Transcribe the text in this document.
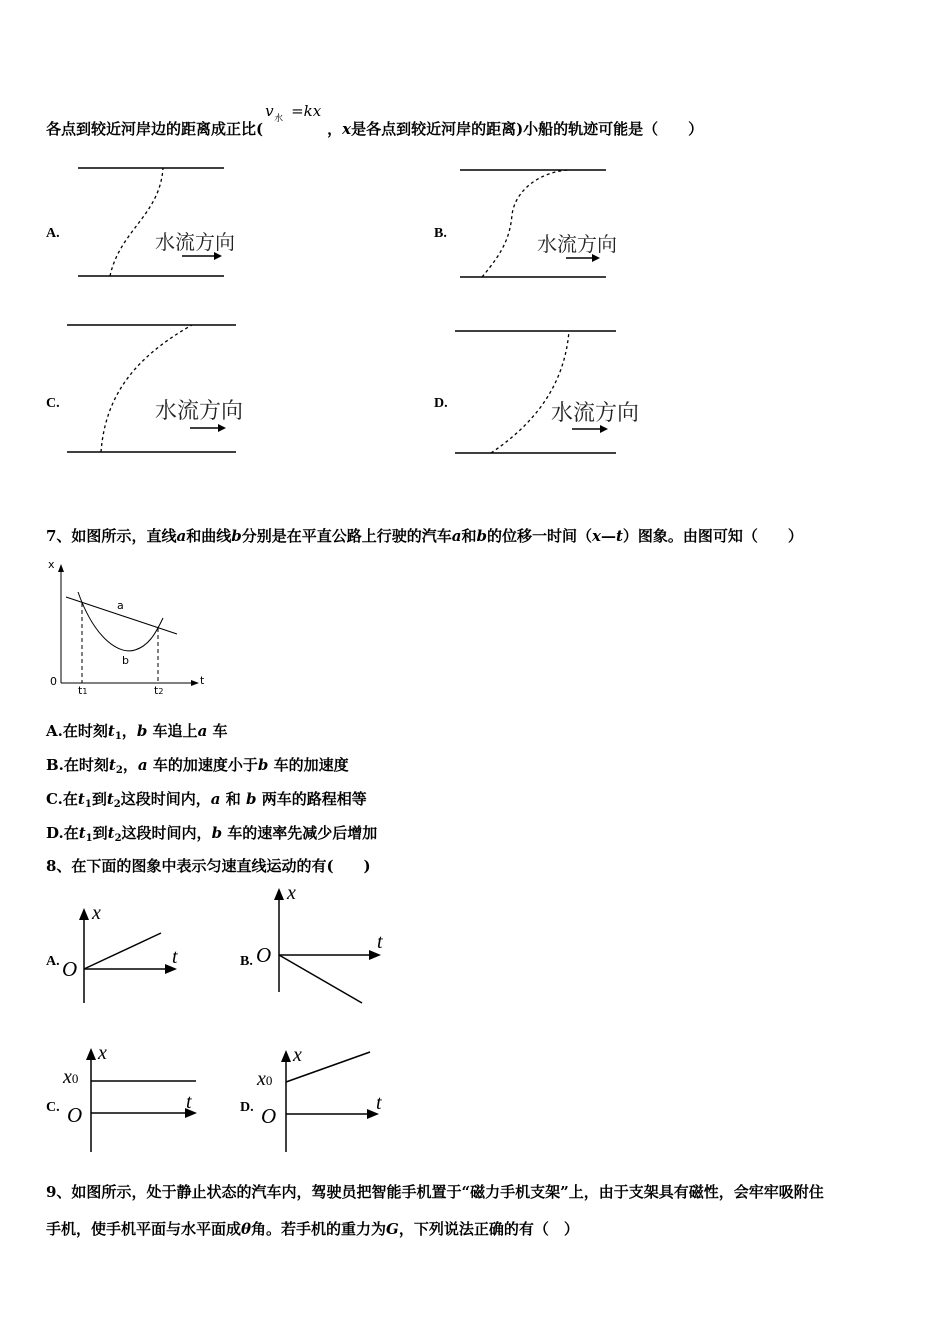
各点到较近河岸边的距离成正比(
v 水 =kx
，x是各点到较近河岸的距离)小船的轨迹可能是（　　）
A.	水流方向	B.	水流方向
C.	水流方向	D.	水流方向
7、如图所示，直线a和曲线b分别是在平直公路上行驶的汽车a和b的位移一时间（x—t）图象。由图可知（　　）
x
t
0
a
b
t1	t2
A.在时刻$t_1$，b 车追上a 车
B.在时刻$t_2$，a 车的加速度小于b 车的加速度
C.在$t_1$到$t_2$这段时间内，a 和 b 两车的路程相等
D.在$t_1$到$t_2$这段时间内，b 车的速率先减少后增加
8、在下面的图象中表示匀速直线运动的有(　　)
A.
x
t
O	B.
x
t
O
C.
x
t
O
x0
D.
x
t
O
x0
9、如图所示，处于静止状态的汽车内，驾驶员把智能手机置于“磁力手机支架”上，由于支架具有磁性，会牢牢吸附住
手机，使手机平面与水平面成θ角。若手机的重力为G，下列说法正确的有（　）
